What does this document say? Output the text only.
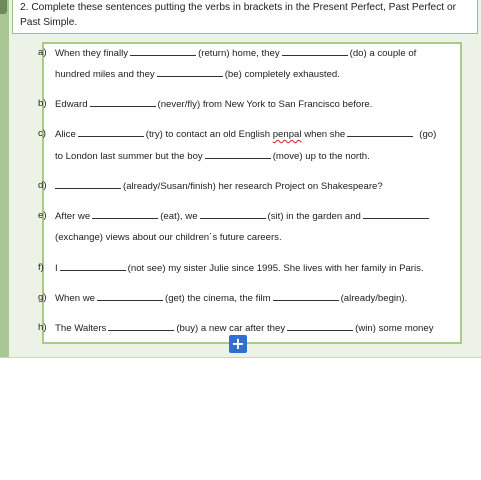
2. Complete these sentences putting the verbs in brackets in the Present Perfect, Past Perfect or Past Simple.
a) When they finally	(return) home, they	(do) a couple of
hundred miles and they	(be) completely exhausted.
b) Edward	(never/fly) from New York to San Francisco before.
c) Alice	(try) to contact an old English penpal when she	(go)
to London last summer but the boy	(move) up to the north.
d)	(already/Susan/finish) her research Project on Shakespeare?
e) After we	(eat), we	(sit) in the garden and
(exchange) views about our children´s future careers.
f) I	(not see) my sister Julie since 1995. She lives with her family in Paris.
g) When we	(get) the cinema, the film	(already/begin).
h) The Walters	(buy) a new car after they	(win) some money
+
